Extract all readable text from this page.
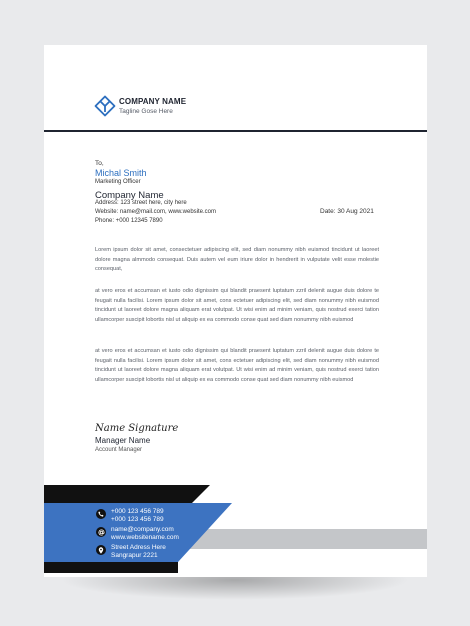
COMPANY NAME
Tagline Gose Here
To,
Michal Smith
Marketing Officer
Company Name
Address: 123 street here, city here
Website: name@mail.com, www.website.com
Phone: +000 12345 7890
Date: 30 Aug 2021

Lorem ipsum dolor sit amet, consectetuer adipiscing elit, sed diam nonummy nibh euismod tincidunt ut laoreet dolore magna almmodo consequat. Duis autem vel eum iriure dolor in hendrerit in vulputate velit esse molestie consequat,

at vero eros et accumsan et iusto odio dignissim qui blandit praesent luptatum zzril delenit augue duis dolore te feugait nulla facilisi. Lorem ipsum dolor sit amet, cons ectetuer adipiscing elit, sed diam nonummy nibh euismod tincidunt ut laoreet dolore magna aliquam erat volutpat. Ut wisi enim ad minim veniam, quis nostrud exerci tation ullamcorper suscipit lobortis nisl ut aliquip ex ea commodo conse quat sed diam nonummy nibh euismod

at vero eros et accumsan et iusto odio dignissim qui blandit praesent luptatum zzril delenit augue duis dolore te feugait nulla facilisi. Lorem ipsum dolor sit amet, cons ectetuer adipiscing elit, sed diam nonummy nibh euismod tincidunt ut laoreet dolore magna aliquam erat volutpat. Ut wisi enim ad minim veniam, quis nostrud exerci tation ullamcorper suscipit lobortis nisl ut aliquip ex ea commodo conse quat sed diam nonummy nibh euismod

Name Signature
Manager Name
Account Manager
+000 123 456 789
+000 123 456 789
name@company.com
www.websitename.com
Street Adress Here
Sangrapur 2221
